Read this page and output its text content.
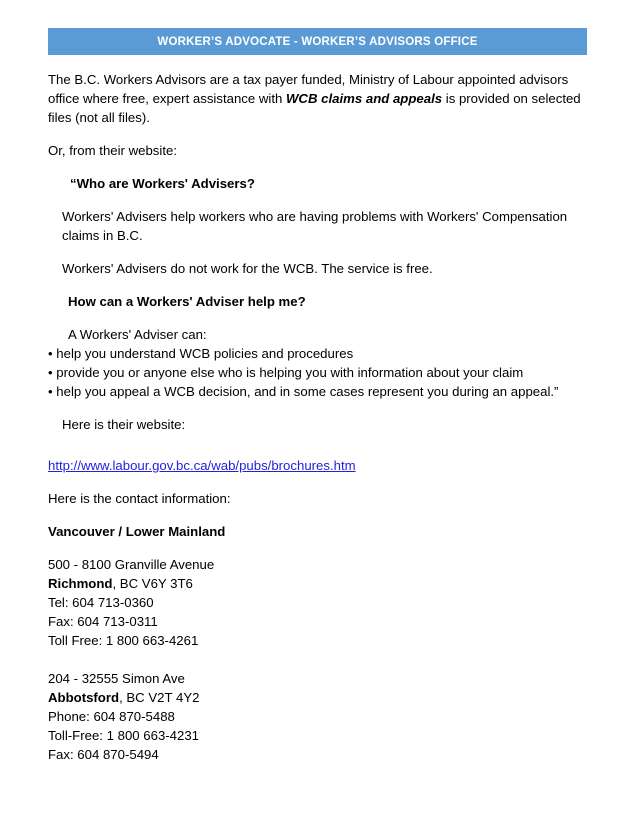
WORKER’S ADVOCATE - WORKER’S ADVISORS OFFICE

The B.C. Workers Advisors are a tax payer funded, Ministry of Labour appointed advisors office where free, expert assistance with WCB claims and appeals is provided on selected files (not all files).

Or, from their website:

“Who are Workers' Advisers?

Workers' Advisers help workers who are having problems with Workers' Compensation claims in B.C.

Workers' Advisers do not work for the WCB. The service is free.

How can a Workers' Adviser help me?

A Workers' Adviser can:

• help you understand WCB policies and procedures
• provide you or anyone else who is helping you with information about your claim
• help you appeal a WCB decision, and in some cases represent you during an appeal.”

Here is their website:

http://www.labour.gov.bc.ca/wab/pubs/brochures.htm

Here is the contact information:

Vancouver / Lower Mainland

500 - 8100 Granville Avenue
Richmond, BC V6Y 3T6
Tel: 604 713-0360
Fax: 604 713-0311
Toll Free: 1 800 663-4261
204 - 32555 Simon Ave
Abbotsford, BC V2T 4Y2
Phone: 604 870-5488
Toll-Free: 1 800 663-4231
Fax: 604 870-5494
